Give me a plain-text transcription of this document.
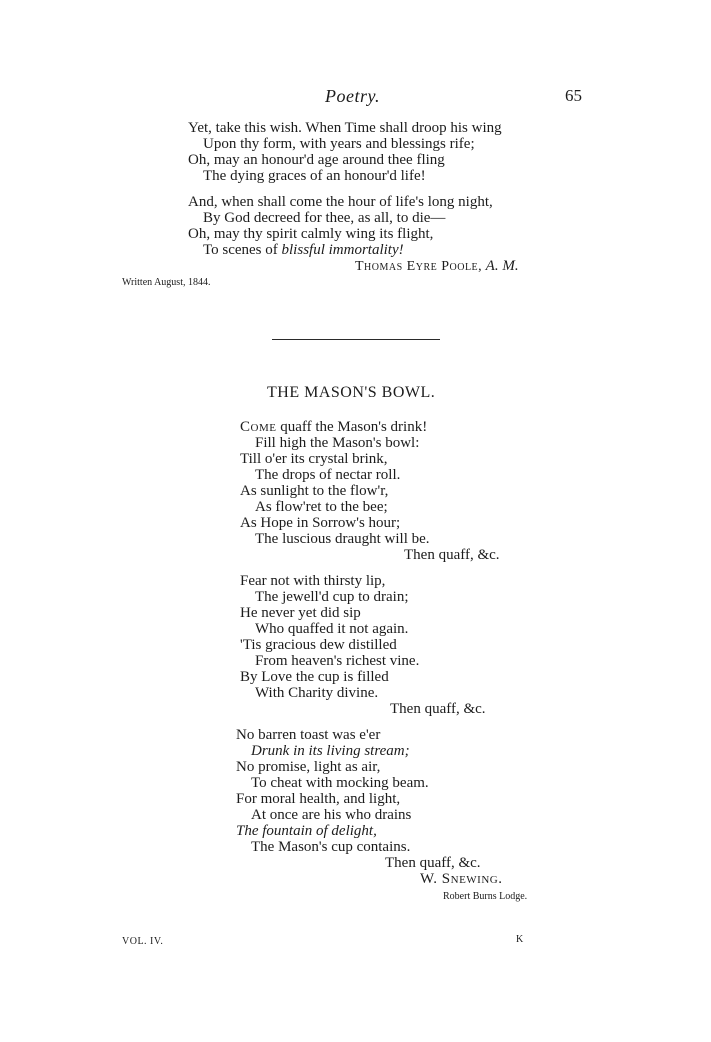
Poetry.	65
Yet, take this wish. When Time shall droop his wing
Upon thy form, with years and blessings rife;
Oh, may an honour'd age around thee fling
The dying graces of an honour'd life!
And, when shall come the hour of life's long night,
By God decreed for thee, as all, to die—
Oh, may thy spirit calmly wing its flight,
To scenes of blissful immortality!
Thomas Eyre Poole, A. M.
Written August, 1844.
THE MASON'S BOWL.
Come quaff the Mason's drink!
Fill high the Mason's bowl:
Till o'er its crystal brink,
The drops of nectar roll.
As sunlight to the flow'r,
As flow'ret to the bee;
As Hope in Sorrow's hour;
The luscious draught will be.
Then quaff, &c.
Fear not with thirsty lip,
The jewell'd cup to drain;
He never yet did sip
Who quaffed it not again.
'Tis gracious dew distilled
From heaven's richest vine.
By Love the cup is filled
With Charity divine.
Then quaff, &c.
No barren toast was e'er
Drunk in its living stream;
No promise, light as air,
To cheat with mocking beam.
For moral health, and light,
At once are his who drains
The fountain of delight,
The Mason's cup contains.
Then quaff, &c.
W. Snewing.
Robert Burns Lodge.
VOL. IV.	K
